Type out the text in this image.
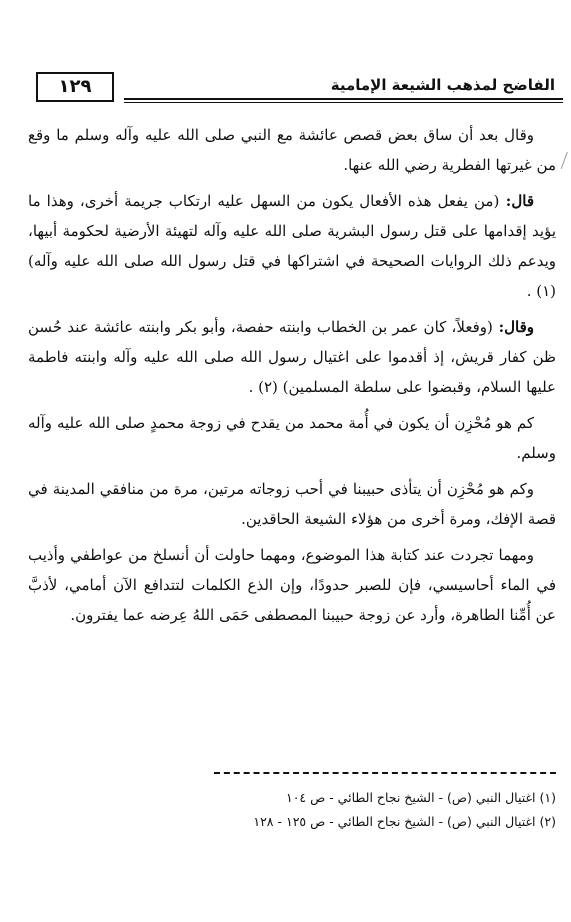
الفاضح لمذهب الشيعة الإمامية
١٢٩

وقال بعد أن ساق بعض قصص عائشة مع النبي صلى الله عليه وآله وسلم ما وقع من غيرتها الفطرية رضي الله عنها.

قال: (من يفعل هذه الأفعال يكون من السهل عليه ارتكاب جريمة أخرى، وهذا ما يؤيد إقدامها على قتل رسول البشرية صلى الله عليه وآله لتهيئة الأرضية لحكومة أبيها، ويدعم ذلك الروايات الصحيحة في اشتراكها في قتل رسول الله صلى الله عليه وآله) (١) .

وقال: (وفعلاً، كان عمر بن الخطاب وابنته حفصة، وأبو بكر وابنته عائشة عند حُسن ظن كفار قريش، إذ أقدموا على اغتيال رسول الله صلى الله عليه وآله وابنته فاطمة عليها السلام، وقبضوا على سلطة المسلمين) (٢) .

كم هو مُحْزِن أن يكون في أُمة محمد من يقدح في زوجة محمدٍ صلى الله عليه وآله وسلم.

وكم هو مُحْزِن أن يتأذى حبيبنا في أحب زوجاته مرتين، مرة من منافقي المدينة في قصة الإفك، ومرة أخرى من هؤلاء الشيعة الحاقدين.

ومهما تجردت عند كتابة هذا الموضوع، ومهما حاولت أن أنسلخ من عواطفي وأذيب في الماء أحاسيسي، فإن للصبر حدودًا، وإن الذع الكلمات لتتدافع الآن أمامي، لأذبَّ عن أُمِّنا الطاهرة، وأرد عن زوجة حبيبنا المصطفى حَمَى اللهُ عِرضه عما يفترون.

(١) اغتيال النبي (ص) - الشيخ نجاح الطائي - ص ١٠٤
(٢) اغتيال النبي (ص) - الشيخ نجاح الطائي - ص ١٢٥ - ١٢٨
